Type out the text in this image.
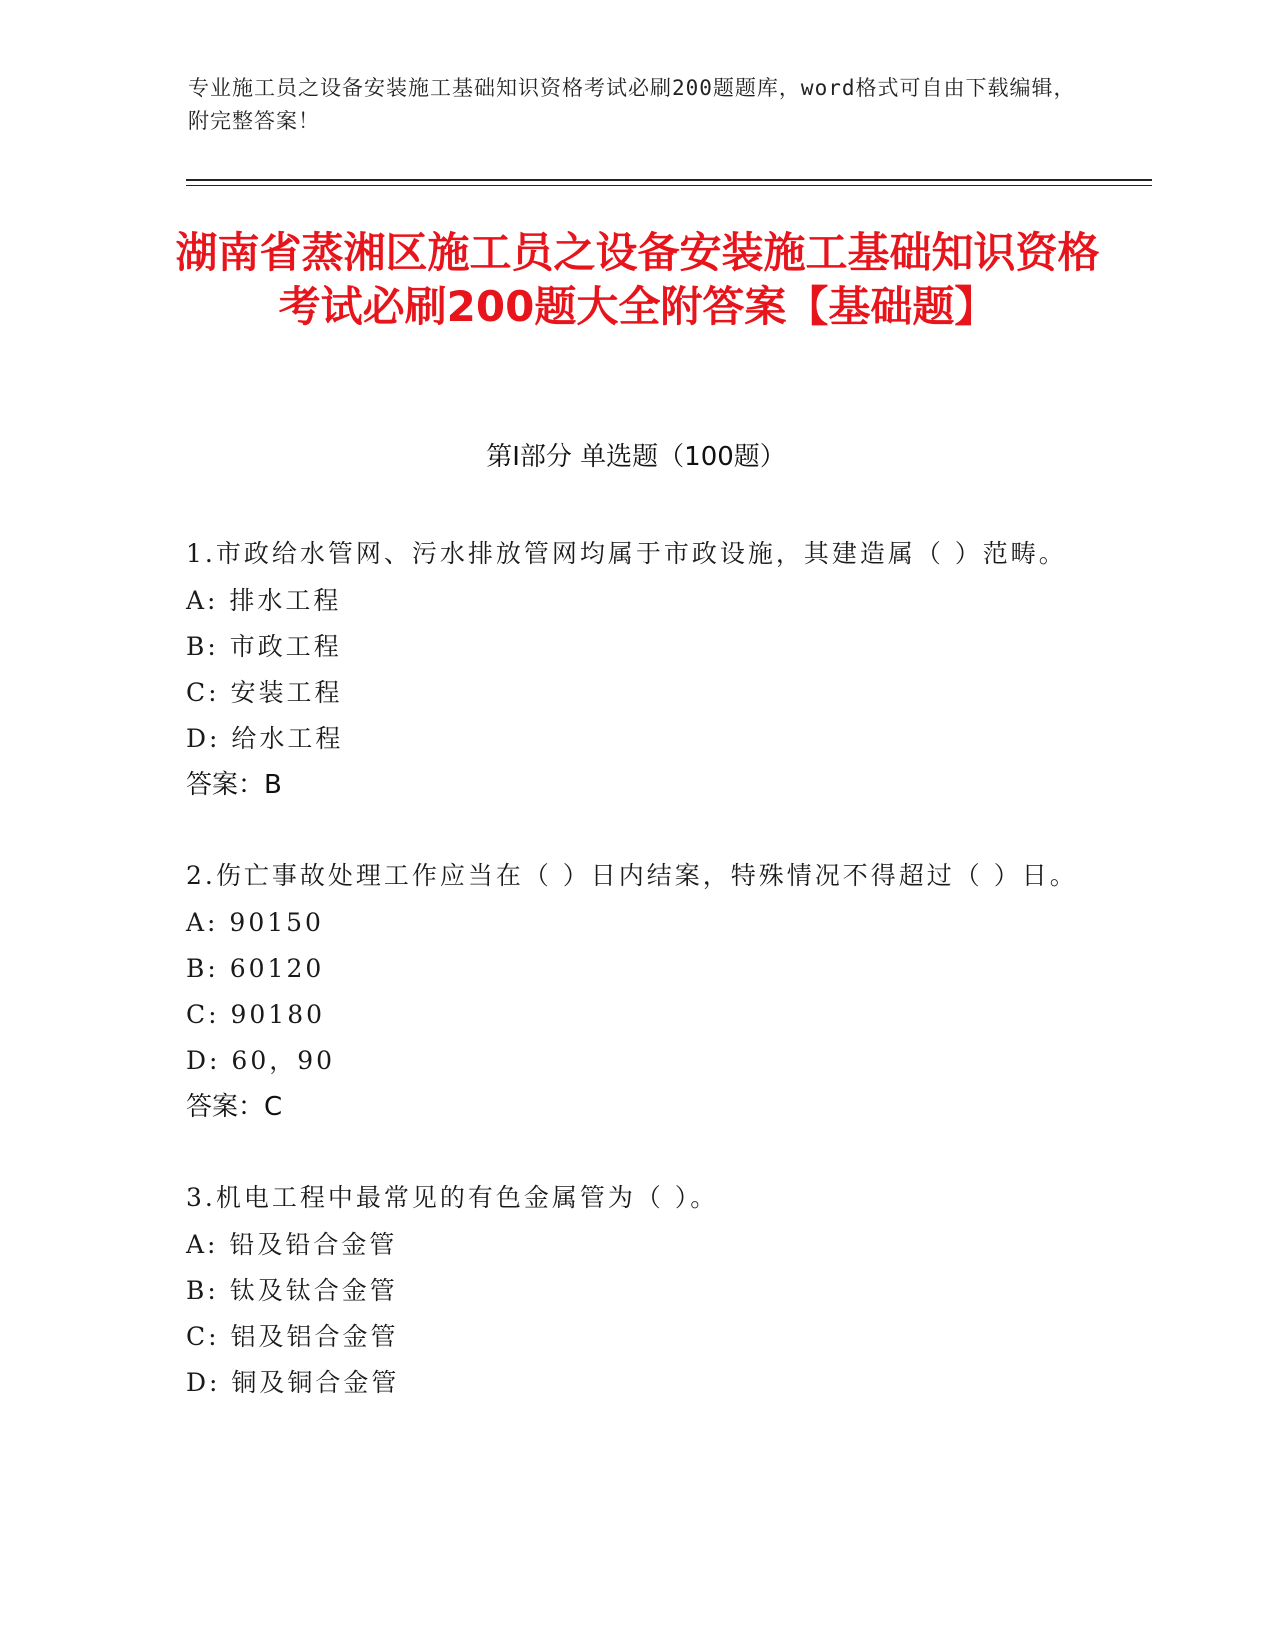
专业施工员之设备安装施工基础知识资格考试必刷200题题库，word格式可自由下载编辑，附完整答案！
湖南省蒸湘区施工员之设备安装施工基础知识资格考试必刷200题大全附答案【基础题】
第Ⅰ部分 单选题（100题）

1.市政给水管网、污水排放管网均属于市政设施，其建造属（ ）范畴。

A: 排水工程

B: 市政工程

C: 安装工程

D: 给水工程

答案：B

2.伤亡事故处理工作应当在（ ）日内结案，特殊情况不得超过（ ）日。

A: 90150

B: 60120

C: 90180

D: 60，90

答案：C

3.机电工程中最常见的有色金属管为（ ）。

A: 铅及铅合金管

B: 钛及钛合金管

C: 铝及铝合金管

D: 铜及铜合金管
